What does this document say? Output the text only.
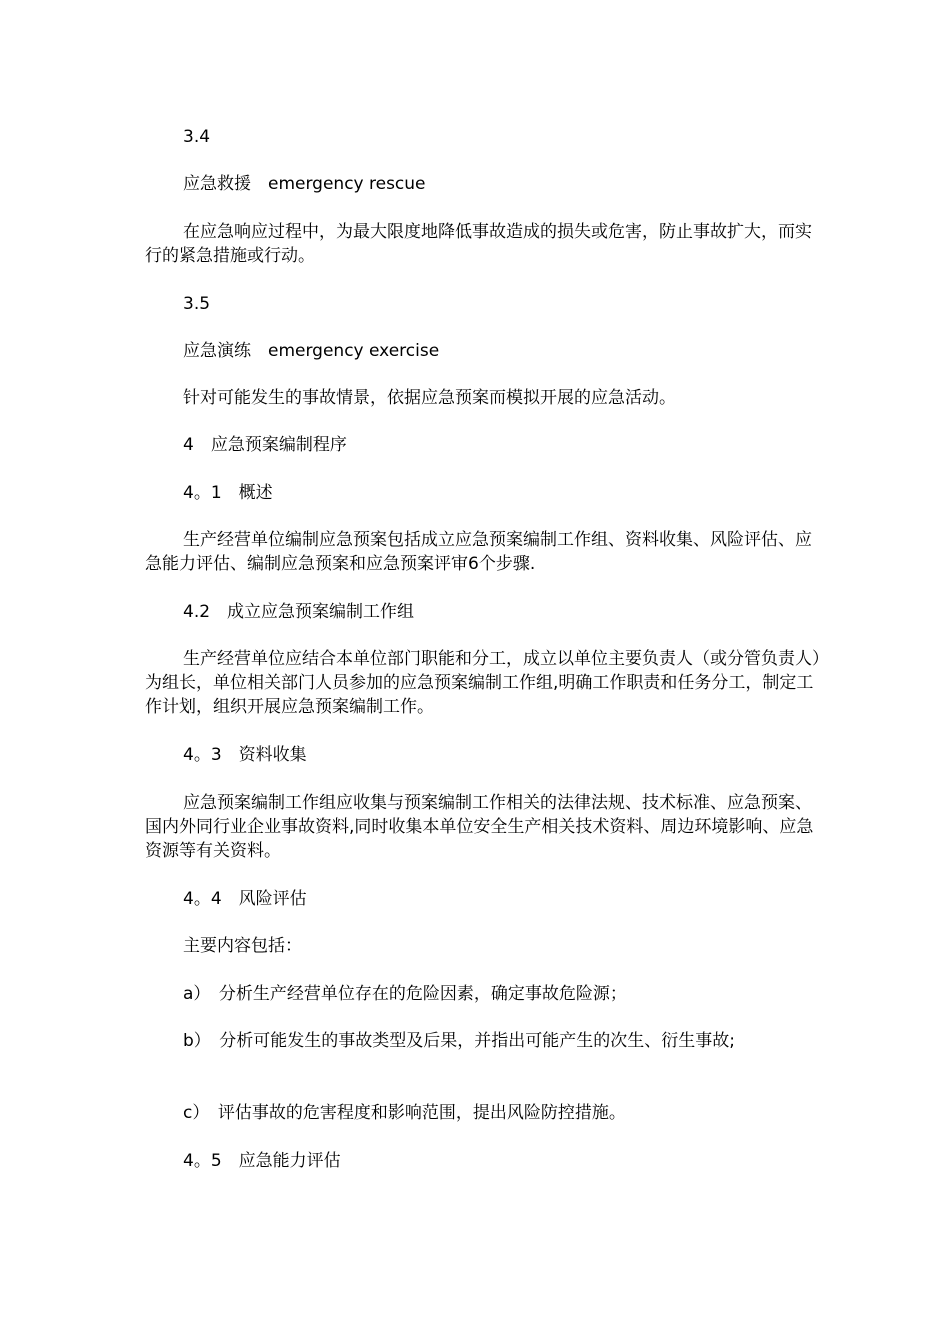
3.4
应急救援　emergency rescue
在应急响应过程中，为最大限度地降低事故造成的损失或危害，防止事故扩大，而实行的紧急措施或行动。
3.5
应急演练　emergency exercise
针对可能发生的事故情景，依据应急预案而模拟开展的应急活动。
4　应急预案编制程序
4。1　概述
生产经营单位编制应急预案包括成立应急预案编制工作组、资料收集、风险评估、应急能力评估、编制应急预案和应急预案评审6个步骤.
4.2　成立应急预案编制工作组
生产经营单位应结合本单位部门职能和分工，成立以单位主要负责人（或分管负责人）为组长，单位相关部门人员参加的应急预案编制工作组,明确工作职责和任务分工，制定工作计划，组织开展应急预案编制工作。
4。3　资料收集
应急预案编制工作组应收集与预案编制工作相关的法律法规、技术标准、应急预案、国内外同行业企业事故资料,同时收集本单位安全生产相关技术资料、周边环境影响、应急资源等有关资料。
4。4　风险评估
主要内容包括：
a）　分析生产经营单位存在的危险因素，确定事故危险源；
b）　分析可能发生的事故类型及后果，并指出可能产生的次生、衍生事故;
c）　评估事故的危害程度和影响范围，提出风险防控措施。
4。5　应急能力评估
